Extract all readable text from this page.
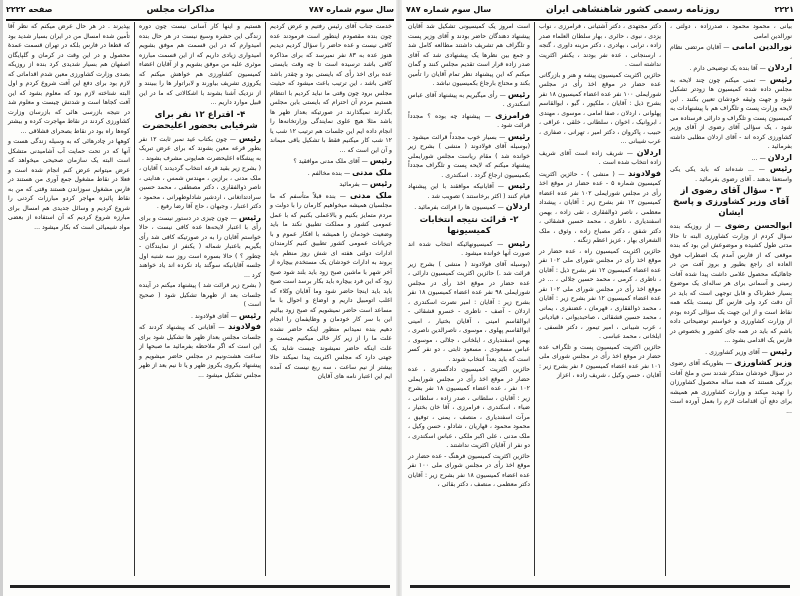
سال سوم شماره ۷۸۷
مذاکرات مجلس
صفحه ۲۲۲۲

خدمت جناب آقای رئیس رفتیم و عرض کردیم چون بنده مقصودم اینطور است فرمودند عده کافی نیست و عده حاضر را سؤال کردیم دیدیم هنوز عده به ۸۳ نفر نمیرسد که برای مذاکره کافی باشد ترسیده است تا چه وقت بایستی عده برای اخذ رأی که بایستی بود و چقدر باشد کافی باشد ، این ترتیب باعث میشود که حیثیت مجلس برود چون وقتی ما نباید کردیم با انتظام هستیم مردم آن احترام که بایستی باین مجلس بگذارند نمیگذارند در صورتیکه بعداز ظهر ها باشد مثلا هیچ علوی نمایندگی وزارتخانه‌ها را انجام داده ایم این جلسات هم ترتیب ۱۲ شب یا ۱۲ شب کار میکنیم فقط با تشکیل باقی میماند و آن این است که ...

رئیس — آقای ملک مدنی موافقید ؟

ملک مدنی — بنده مخالفم .

رئیس — بفرمائید

ملک مدنی — بنده قبلاً متأسفم که ما مجلسیان همیشه میخواهیم کارمان را با دولت و مردم متمایز بکنیم و بالاعملی بکنیم که با عمل عمومی کشور و مملکت تطبیق نکند ما باید وضعیت خودمان را همیشه با افکار عموم و با جریانات عمومی کشور تطبیق کنیم کارمندان ادارات دولتی هفته ای شش روز منظم باید بروند به ادارات خودشان یک مستخدم بیچاره از آخر شهر با ماشین صبح زود باید بلند شود صبح زود که این فرد بیچاره باید بکار برسد است صبح باید باید اینجا حاضر شود وما آقایان وکلاء که اغلب اتومبیل داریم و اوضاع و احوال با ما مساعد است حاضر نمیشویم که صبح زود بیائیم این با سر کار خودمان و وظایفمان را انجام دهیم بنده نمیدانم منظور اینکه حاضر نشده علت ما را از زیر کار خالی میکنیم چیست و علت اینکه حاضر نمیشوند چیست شاید یک جهتی دارد که مجلس اکثریت پیدا نمیکند حالا بیشتر از نیم ساعت ، سه ربع نیست که آمده ایم این اعتبار نامه های آقایان

هستیم و اینها کار آسانی نیست چون دوره زندگی این حشره وسیع نیست در هر حال بنده امیدوارم که در این قسمت هم موفق بشویم امیدواری زیادی داریم که از این قسمت مبارزه موثری علیه من موفق بشویم و از آقایان اعضاء کمیسیون کشاورزی هم خواهش میکنم که یکروزی تشریف بیاورند و لابراتوار ها را ببینند و از نزدیک آشنا بشوند با اشکالاتی که ما در این قبیل موارد داریم ...

۴- اقتراع ۱۲ نفر برای شرفیابی بحضور اعلیحضرت

رئیس — چون بکتاب عید نمبر ثابت ۱۲ نفر بطور قرعه معین بشوند که برای عرض تبریک به پیشگاه اعلیحضرت همایونی مشرف بشوند .

( بشرح زیر بقید قرعه انتخاب گردیدند ) آقایان ، ملک مدنی ، برازین ، مهندس شمس ، هدایتی ، ناصر ذوالفقاری ، دکتر مصطفی ، محمد حسین سرادتداتغانی ، اردشیر شادلوطهرانی ، محمود ، دکتر اعتبار ، وجیهان ، حاج آقا رضا رفیع .

رئیس — چون چیزی در دستور نیست و برای رأی با اعتبار لایحه‌ها عده کافی نیست ، حالا خواستم آقایان را به در صورتیکه کافی شد رأی بگیریم باعتبار شماله ( یکنفر از نمایندگان - چطور ؟ ) حالا بسوره است روز سه شنبه اول جلسه آقایانیکه سوگند یاد نکرده اند یاد خواهند کرد ...

( بشرح زیر قرائت شد ) پیشنهاد میکنم در آینده جلسات بعد از ظهرها تشکیل شود ( صحیح است )

رئیس — آقای فولادوند .

فولادوند — آقایانی که پیشنهاد کردند که جلسات مجلس بعداز ظهر ها تشکیل شود برای این است که اگر ملاحظه بفرمائید ما صبحها از ساعت هشت‌ونیم در مجلس حاضر میشویم و پیشنهاد بکروی یکروز ظهر و یا تا نیم بعد از ظهر مجلس تشکیل میشود ...

یپذیرند . در هر حال عرض میکنم که نظر آقا تأمین شده امسال من در ایران بسیار شدید بود که قطعا در فارس بلکه در تهران قسمت عمدهٔ محصول و در این وقت در کرمان و گلپایگان اصفهان هم بسیار شدیدی کرد بنده از روزیکه بصدی وزارت کشاورزی معین شدم اقداماتی که لازم بود برای دفع این آفت شروع کردم و اول البته شناخته لازم بود که معلوم بشود که این آفت کجاها است و شدتش چیست و معلوم شد در نتیجه بازرسی هائی که بازرسان وزارت کشاورزی کردند در نقاط مهاجرت کرده و بیشتر کوه‌ها راه بود در نقاط بصحرای قشلاقی ...

کوهها در چادرهائی که به وسیله زندگی هست و آنها که در تحت حمایت آب آشامیدنی متشکل است البته یک سازمان صحیحی میخواهد که عرض میتوانم عرض کنم انجام شده است و فعلا در نقاط مشغول جمع آوری من هستند در فارس مشغول سوزاندن هستند وقتی که من به نقاط پائیزه مهاجر کردو مبارزات کردنی را شروع کردیم و وسائل جدیدی هم امسال برای مبارزه شروع کردیم که آن استفاده از بعضی مواد شیمیائی است که بکار میشود ...

۲۲۲۱
روزنامه رسمی کشور شاهنشاهی ایران
سال سوم شماره ۷۸۷

بیانی ، محمود محمود ، صدرزاده ، دولتی ، نورالدین امامی

نورالدین امامی — آقایان مرتضی نظام ،

اردلان — آقا بنده یک توضیحی دارم .

رئیس — تمنی میکنم چون چند لایحه به مجلس داده شده کمیسیون ها زودتر تشکیل شود و جهت وثیقه خودشان تعیین بکنند . این لایحه وزارت پست و تلگراف هم با پیشنهادات به کمیسیون پست و تلگراف و دارائی فرستاده می شود ، یک سؤالی آقای رضوی از آقای وزیر کشاورزی کرده اند - آقای اردلان مطلبی داشته بفرمائید .

اردلان — ...

رئیس — ... شده‌اند که باید یکی یکی واستعفا بدهند . آقای رضوی بفرمائید .

۳ - سؤال آقای رضوی از آقای وزیر کشاورزی و پاسخ ایشان

ابوالحسن رضوی — از روزیکه بنده سؤال کردم از وزارت کشاورزی البته تا حالا مدتی طول کشیده و موضوعش این بود که بنده موقعی که از فارس آمدم یک اضطراب فوق العاده ای راجع بطیور و بروز آفت من در جاهائیکه محصول غلامی داشت پیدا شده آفات زمینی و آسمانی برای هر ساله‌ای یک موضوع بسیار خطرناک و قابل توجهی است که باید در آن دقت کرد ولی فارس گل نیست بلکه همه نقاط است و از این جهت یک سؤالی کرده بودم از وزارت کشاورزی و خواستم توضیحاتی داده باشم که باید در همه جای کشور و بخصوص در فارس یک اقدامی بشود ...

رئیس — آقای وزیر کشاورزی .

وزیر کشاورزی — بطوریکه آقای رضوی در سؤال خودشان متذکر شدند سن و ملخ آفات بزرگی هستند که همه ساله محصول کشاورزان را تهدید میکند و وزارت کشاورزی هم همیشه برای دفع آن اقدامات لازم را بعمل آورده است ...

دکتر مجتهدی ، دکتر آشتیانی ، فرامرزی ، نواب یزدی ، نبوی ، حائری ، بهار سلطان العلماء صدر زاده ، ترابی ، بهادری ، دکتر مزینه داوری ، گنجه ، ارسنجانی ، عده نفر بودند ، یکنفر اکثریت نداشته است .

حائزین اکثریت کمیسیون پیشه و هنر و بازرگانی عده حضار در موقع اخذ رأی در مجلس شورایملی ۱۰۰ نفر عده اعضاء کمیسیون ۱۸ نفر بشرح ذیل : آقایان ، ملکپور ، گیو ، ابوالقاسم پهلوانی ، اردلان ، صفا امامی ، موسوی ، مهندی ، ابروانیک ، اخوان ، سلطانی ، خلقی ، عراقی ، حبیب ، پاکروان ، دکتر امیر ، تهرانی ، صفاری ، عرب شیبانی ...

اردلان — شریف زاده است آقای شریف زاده انتخاب شده است .

فولادوند — ( منشی ) - حائزین اکثریت کمیسیون شماره ۵ - عده حضار در موقع اخذ رأی در مجلس شورایملی ۱۰۲ نفر عده اعضاء کمیسیون ۱۲ نفر بشرح زیر : آقایان ، پیشداد معظمی ، ناصر ذوالفقاری ، تقی زاده ، بهمن اسفندیاری ، ناظری ، محمد حسین قشقائی ، دکتر شفق ، دکتر مصباح زاده ، وثوق ، ملک الشعرای بهار ، عزیز اعظم زنگنه .

حائزین اکثریت کمیسیون راه ، عده حضار در موقع اخذ رأی در مجلس شورای ملی ۱۰۲ نفر عده اعضاء کمیسیون ۱۲ نفر بشرح ذیل : آقایان ، ناظری ، کرمی ، محمد حسین جلالی ، ... در موقع اخذ رأی در مجلس شورای ملی ۱۰۲ نفر عده اعضاء کمیسیون ۱۲ نفر بشرح زیر : آقایان ، محمد ذوالفقاری ، قهرمان ، غضنفری ، یمانی ، محمد حسین قشقائی ، صاحبدیوانی ، قیادیانی ، عرب شیبانی ، امیر تیمور ، دکتر فلسفی ، ایلخانی ، محمد عباسی .

حائزین اکثریت کمیسیون پست و تلگراف عده حضار در موقع اخذ رأی در مجلس شورای ملی ۱۰۱ نفر عده اعضاء کمیسیون ۶ نفر بشرح زیر : آقایان ، حسن وکیل ، شریف زاده ، اعزاز

است امروز یک کمیسیونی تشکیل شد آقایان پیشنهاد دهندگان حاضر بودند و آقای وزیر پست و تلگراف هم تشریف داشتند مطالعه کامل شد و جمع بین نظرها یک پیشنهادی شد که آقای صدر زاده قرار است تقدیم مجلس کنند و گمان میکنم که این پیشنهاد نظر تمام آقایان را تأمین بکند و محتاج بارجاع بکمیسیون نباشد .

رئیس — رأی میگیریم به پیشنهاد آقای عباس اسکندری .

فرامرزی — پیشنهاد چه بوده ؟ مجدداً قرائت شود .

رئیس — بسیار خوب مجدداً قرائت میشود . (بوسیله آقای فولادوند ( منشی ) بشرح زیر خوانده شد ) مقام ریاست مجلس شورایملی پیشنهاد میکنم که لایحه پست و تلگراف مجدداً بکمیسیون ارجاع گردد . اسکندری .

رئیس — آقایانیکه موافقند با این پیشنهاد قیام کنند ( اکثر برخاستند ) تصویب شد .

اردلان — کمیسیون ها را قرائت بفرمائید .

۲- قرائت نتیجه انتخابات کمیسیونها

رئیس — کمیسیونهائیکه انتخاب شده اند صورت آنها خوانده میشود .

(بوسیله آقای فولادوند ( منشی ) بشرح زیر قرائت شد .) حائزین اکثریت کمیسیون دارائی ، عده حضار در موقع اخذ رأی در مجلس شورایملی ۹۸ نفر عده اعضاء کمیسیون ۱۸ نفر بشرح زیر : آقایان : امیر نصرت اسکندری ، اردلان - آصف - ناظری - خسرو قشقائی - ابوالقاسم امینی ، آقایان بختیار ، امینی ابوالقاسم پهلوی ، موسوی ، ناصرالدین ناصری ، بهمن اسفندیاری ، ایلخانی ، جلالی ، موسوی ، عباس مسعودی ، مسعود ثابتی ، دو نفر کسر است که باید بعداً انتخاب شوند .

حائزین اکثریت کمیسیون دادگستری ، عده حضار در موقع اخذ رأی در مجلس شورایملی ۱۰۲ نفر ، عده اعضاء کمیسیون ۱۸ نفر بشرح زیر : آقایان ، سلطانی ، صدر زاده ، سلطانی ، ضیاء ، اسکندری ، فرامرزی ، آقا خان بختیار ، مرآت اسفندیاری ، منصف ، یمنی ، توفیق ، محمود محمود ، قهاریان ، شادلو ، حسن وکیل ، ملک مدنی ، علی اکبر ملکی ، عباس اسکندری ، دو نفر از آقایان اکثریت نداشتند .

حائزین اکثریت کمیسیون فرهنگ - عده حضار در موقع اخذ رأی در مجلس شورای ملی ۱۰۰ نفر عده اعضاء کمیسیون ۱۸ نفر بشرح زیر : آقایان دکتر معظمی ، منصف ، دکتر بقائی ،
